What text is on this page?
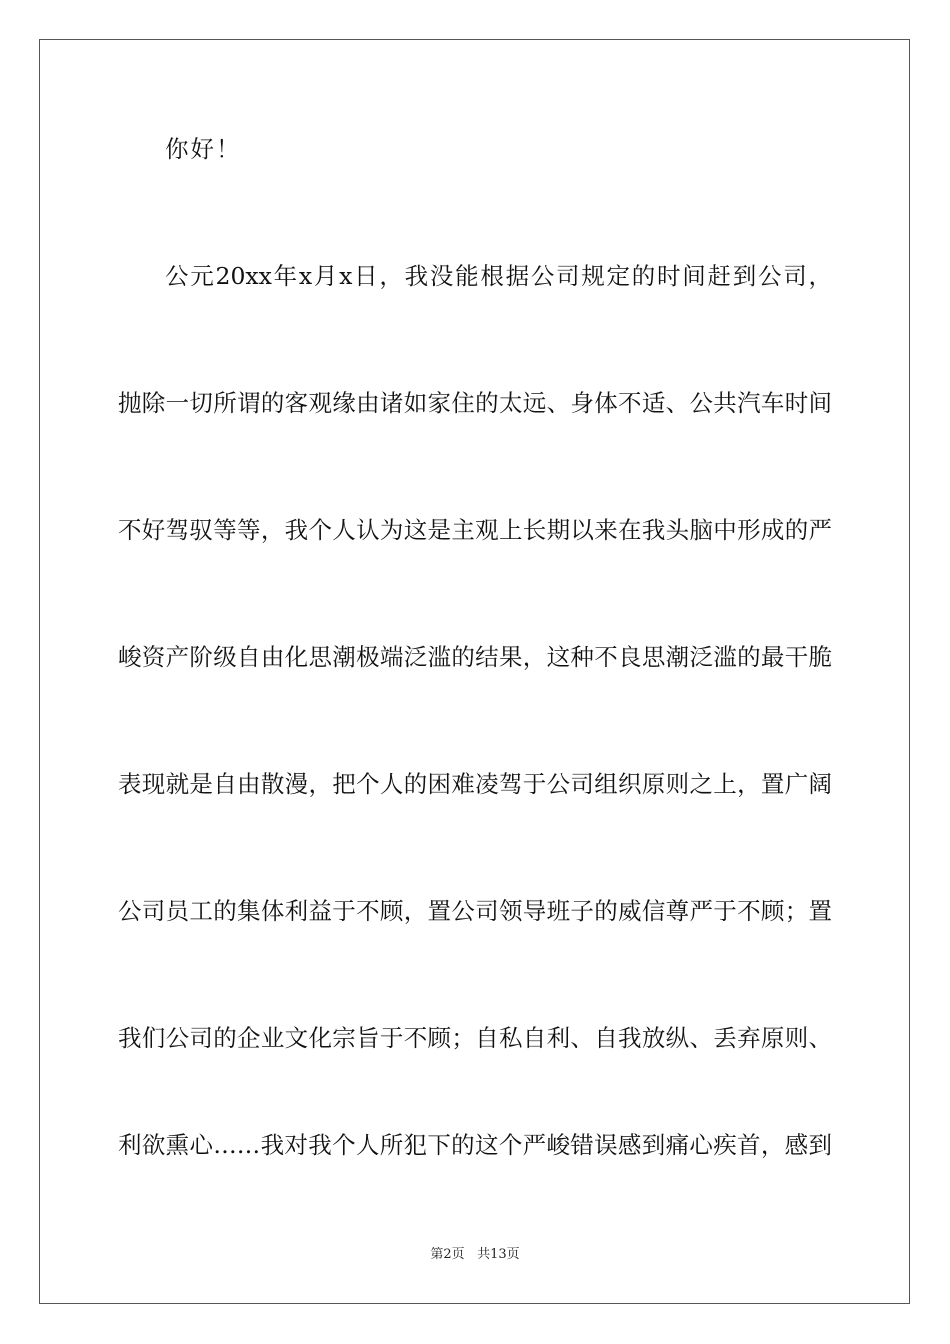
你好！
公元20xx年x月x日，我没能根据公司规定的时间赶到公司，
抛除一切所谓的客观缘由诸如家住的太远、身体不适、公共汽车时间
不好驾驭等等，我个人认为这是主观上长期以来在我头脑中形成的严
峻资产阶级自由化思潮极端泛滥的结果，这种不良思潮泛滥的最干脆
表现就是自由散漫，把个人的困难凌驾于公司组织原则之上，置广阔
公司员工的集体利益于不顾，置公司领导班子的威信尊严于不顾；置
我们公司的企业文化宗旨于不顾；自私自利、自我放纵、丢弃原则、
利欲熏心……我对我个人所犯下的这个严峻错误感到痛心疾首，感到
第2页 共13页
